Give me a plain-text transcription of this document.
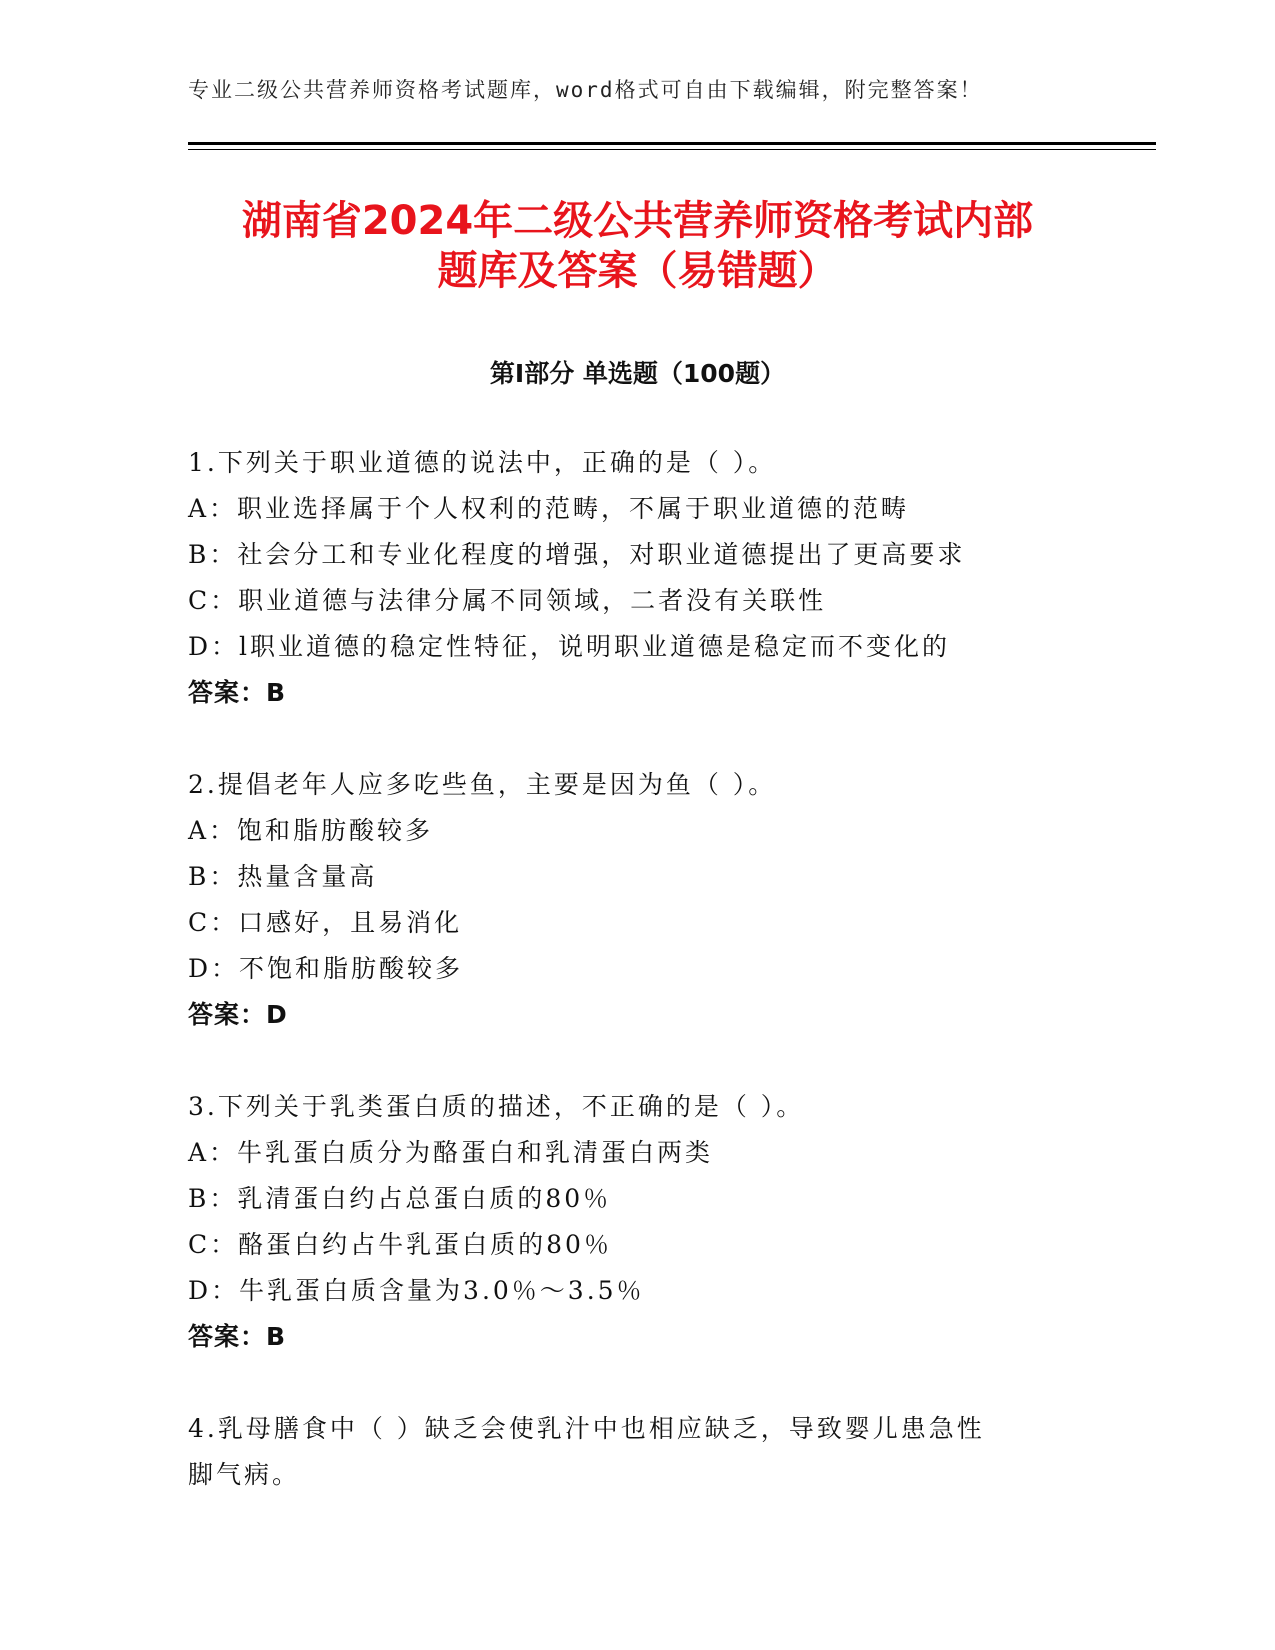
专业二级公共营养师资格考试题库，word格式可自由下载编辑，附完整答案！
湖南省2024年二级公共营养师资格考试内部
题库及答案（易错题）
第Ⅰ部分 单选题（100题）
1.下列关于职业道德的说法中，正确的是（ ）。
A：职业选择属于个人权利的范畴，不属于职业道德的范畴
B：社会分工和专业化程度的增强，对职业道德提出了更高要求
C：职业道德与法律分属不同领域，二者没有关联性
D：l职业道德的稳定性特征，说明职业道德是稳定而不变化的
答案：B
2.提倡老年人应多吃些鱼，主要是因为鱼（ ）。
A：饱和脂肪酸较多
B：热量含量高
C：口感好，且易消化
D：不饱和脂肪酸较多
答案：D
3.下列关于乳类蛋白质的描述，不正确的是（ ）。
A：牛乳蛋白质分为酪蛋白和乳清蛋白两类
B：乳清蛋白约占总蛋白质的80％
C：酪蛋白约占牛乳蛋白质的80％
D：牛乳蛋白质含量为3.0％～3.5％
答案：B
4.乳母膳食中（ ）缺乏会使乳汁中也相应缺乏，导致婴儿患急性
脚气病。
